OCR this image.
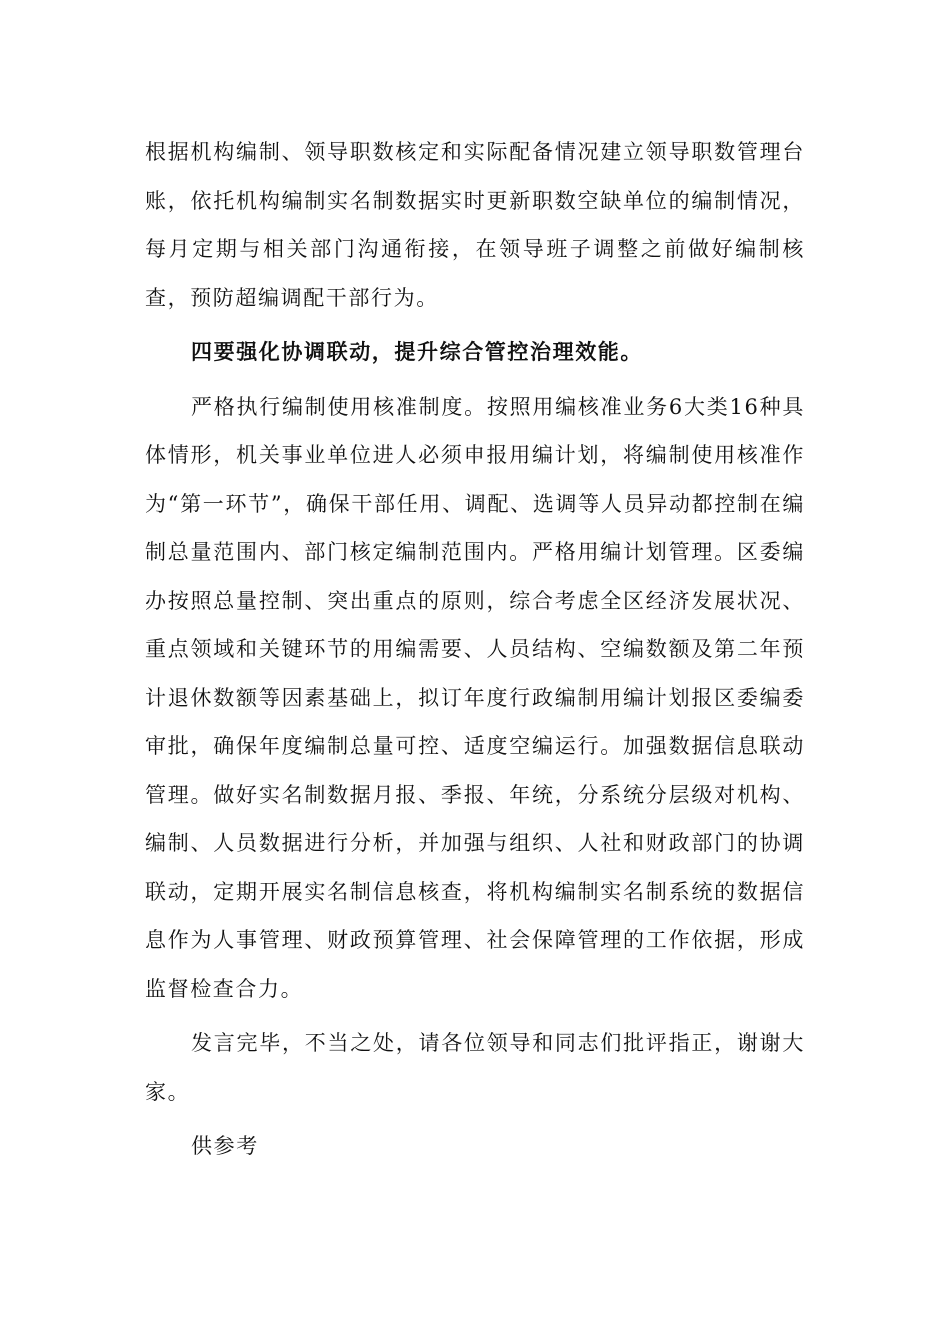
根据机构编制、领导职数核定和实际配备情况建立领导职数管理台账，依托机构编制实名制数据实时更新职数空缺单位的编制情况，每月定期与相关部门沟通衔接，在领导班子调整之前做好编制核查，预防超编调配干部行为。

四要强化协调联动，提升综合管控治理效能。

严格执行编制使用核准制度。按照用编核准业务6大类16种具体情形，机关事业单位进人必须申报用编计划，将编制使用核准作为“第一环节”，确保干部任用、调配、选调等人员异动都控制在编制总量范围内、部门核定编制范围内。严格用编计划管理。区委编办按照总量控制、突出重点的原则，综合考虑全区经济发展状况、重点领域和关键环节的用编需要、人员结构、空编数额及第二年预计退休数额等因素基础上，拟订年度行政编制用编计划报区委编委审批，确保年度编制总量可控、适度空编运行。加强数据信息联动管理。做好实名制数据月报、季报、年统，分系统分层级对机构、编制、人员数据进行分析，并加强与组织、人社和财政部门的协调联动，定期开展实名制信息核查，将机构编制实名制系统的数据信息作为人事管理、财政预算管理、社会保障管理的工作依据，形成监督检查合力。

发言完毕，不当之处，请各位领导和同志们批评指正，谢谢大家。

供参考
